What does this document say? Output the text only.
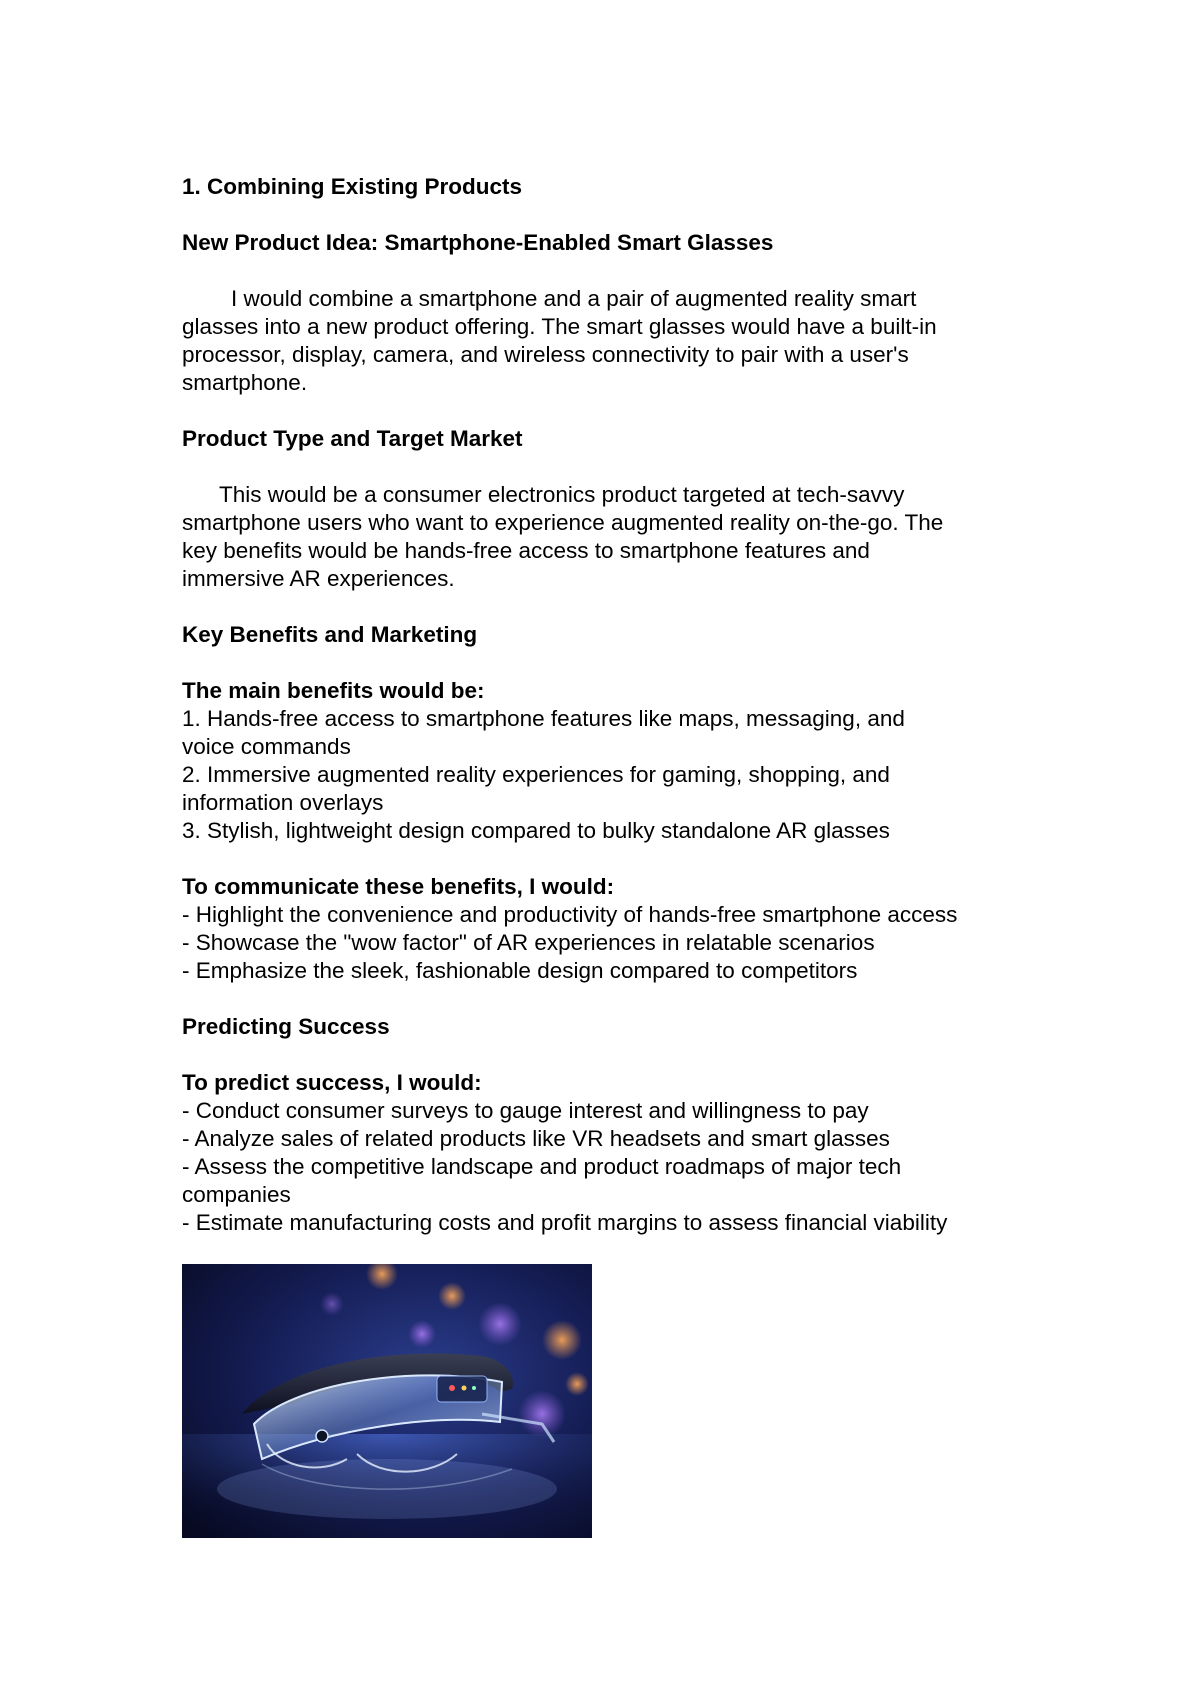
1. Combining Existing Products
New Product Idea: Smartphone-Enabled Smart Glasses
I would combine a smartphone and a pair of augmented reality smart
glasses into a new product offering. The smart glasses would have a built-in
processor, display, camera, and wireless connectivity to pair with a user's
smartphone.
Product Type and Target Market
This would be a consumer electronics product targeted at tech-savvy
smartphone users who want to experience augmented reality on-the-go. The
key benefits would be hands-free access to smartphone features and
immersive AR experiences.
Key Benefits and Marketing
The main benefits would be:
1. Hands-free access to smartphone features like maps, messaging, and
voice commands
2. Immersive augmented reality experiences for gaming, shopping, and
information overlays
3. Stylish, lightweight design compared to bulky standalone AR glasses
To communicate these benefits, I would:
- Highlight the convenience and productivity of hands-free smartphone access
- Showcase the "wow factor" of AR experiences in relatable scenarios
- Emphasize the sleek, fashionable design compared to competitors
Predicting Success
To predict success, I would:
- Conduct consumer surveys to gauge interest and willingness to pay
- Analyze sales of related products like VR headsets and smart glasses
- Assess the competitive landscape and product roadmaps of major tech
companies
- Estimate manufacturing costs and profit margins to assess financial viability
